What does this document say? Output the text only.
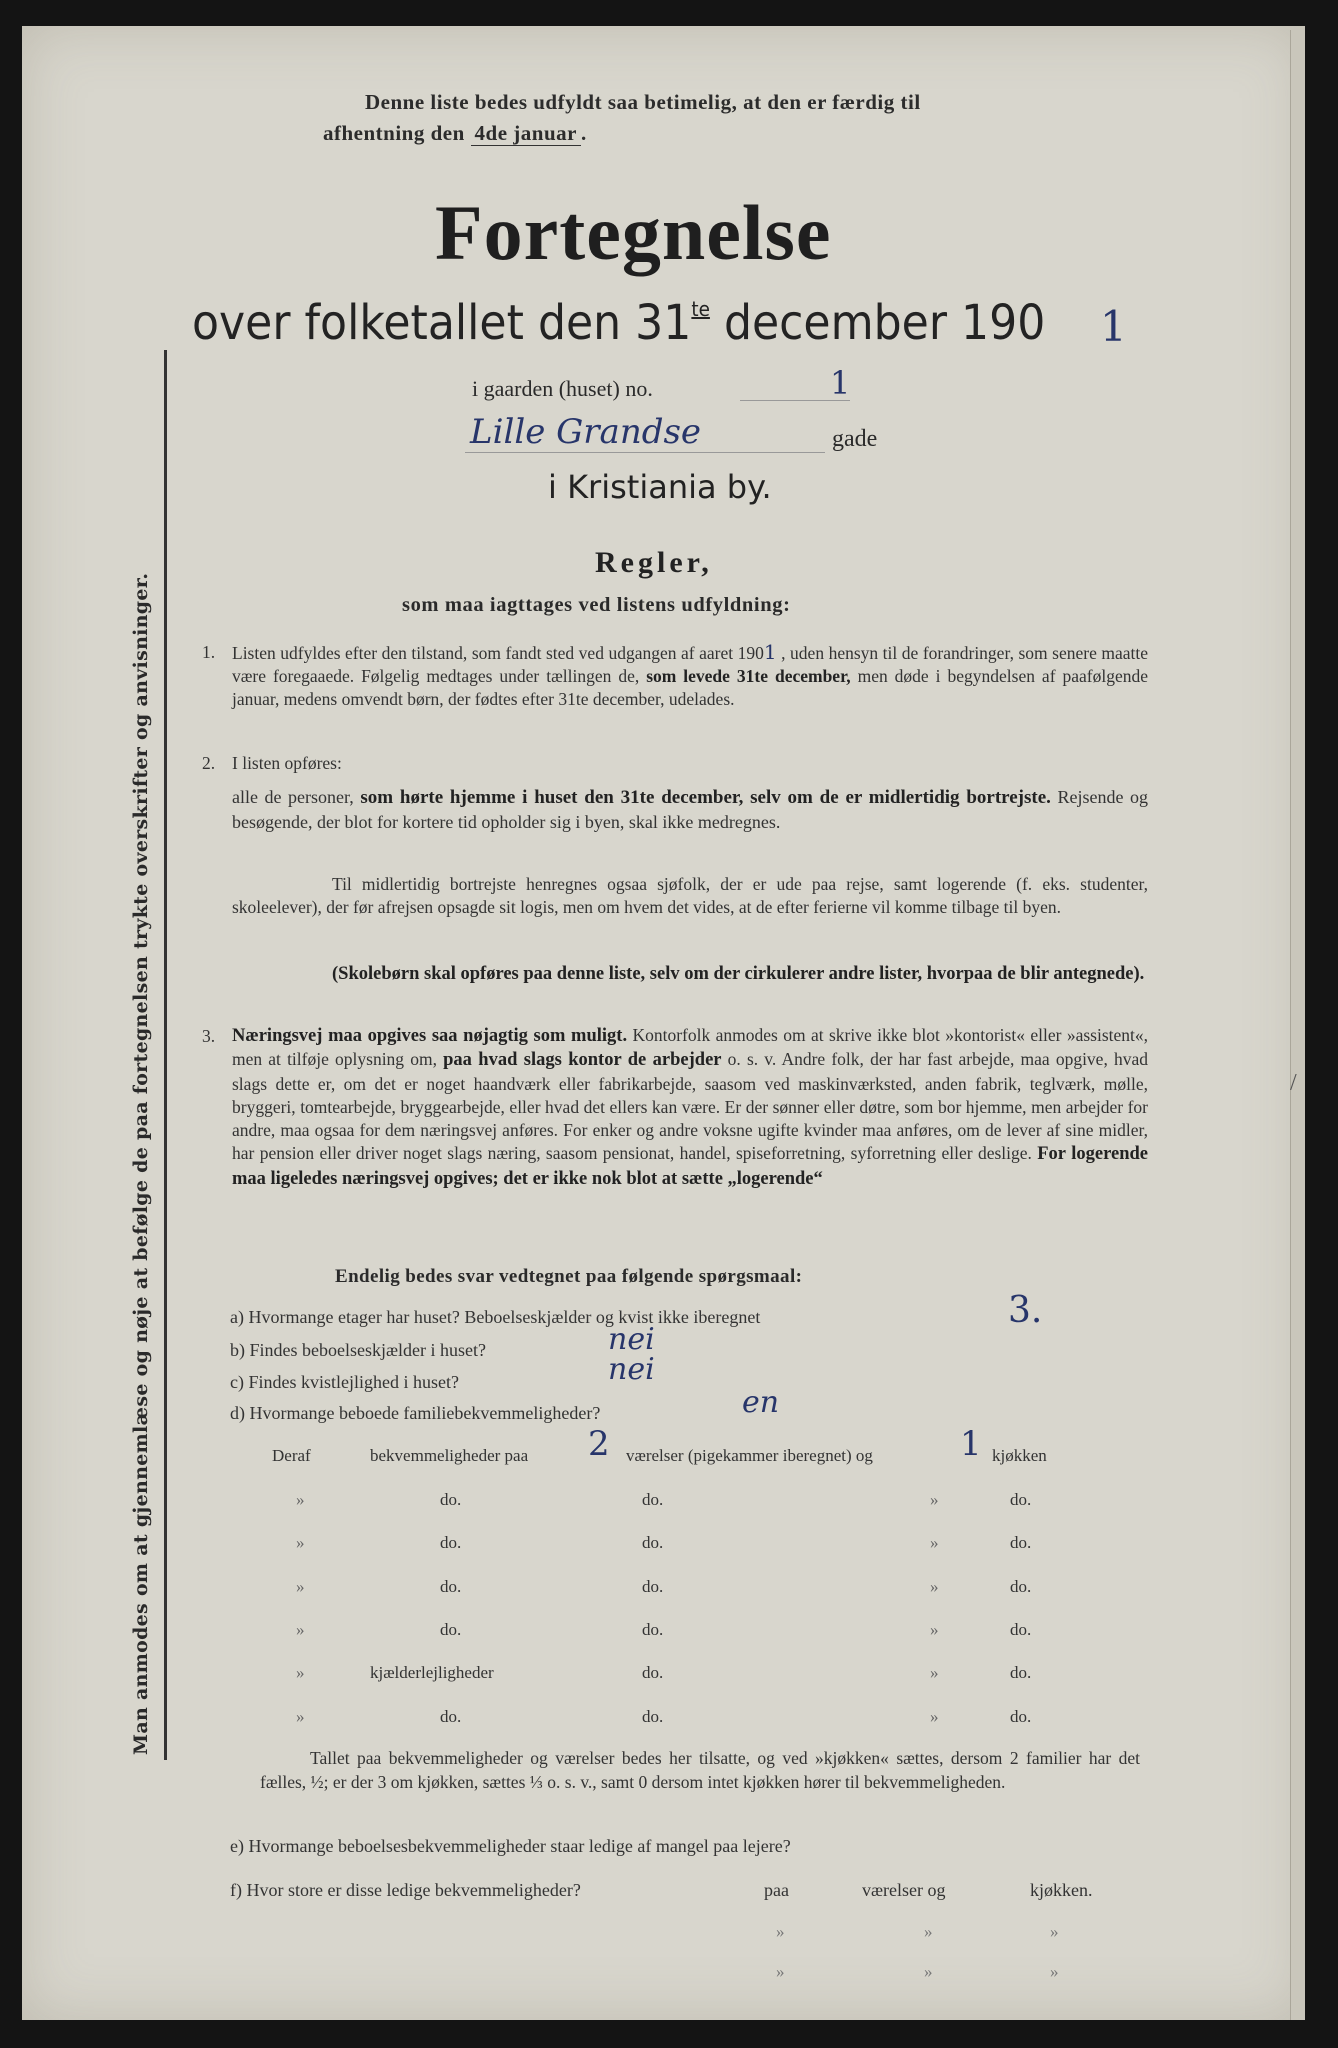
Man anmodes om at gjennemlæse og nøje at befølge de paa fortegnelsen trykte overskrifter og anvisninger.
Denne liste bedes udfyldt saa betimelig, at den er færdig til
afhentning den 4de januar .
Fortegnelse
over folketallet den $31^{te}$ december 190 1
i gaarden (huset) no.	1
Lille Grandse	gade
i Kristiania by.
Regler,
som maa iagttages ved listens udfyldning:
1. Listen udfyldes efter den tilstand, som fandt sted ved udgangen af aaret 1901 , uden hensyn til de forandringer, som senere maatte være foregaaede. Følgelig medtages under tællingen de, som levede 31te december, men døde i begyndelsen af paafølgende januar, medens omvendt børn, der fødtes efter 31te december, udelades.
2. I listen opføres:
alle de personer, som hørte hjemme i huset den 31te december, selv om de er midlertidig bortrejste. Rejsende og besøgende, der blot for kortere tid opholder sig i byen, skal ikke medregnes.
Til midlertidig bortrejste henregnes ogsaa sjøfolk, der er ude paa rejse, samt logerende (f. eks. studenter, skoleelever), der før afrejsen opsagde sit logis, men om hvem det vides, at de efter ferierne vil komme tilbage til byen.
(Skolebørn skal opføres paa denne liste, selv om der cirkulerer andre lister, hvorpaa de blir antegnede).
3. Næringsvej maa opgives saa nøjagtig som muligt. Kontorfolk anmodes om at skrive ikke blot »kontorist« eller »assistent«, men at tilføje oplysning om, paa hvad slags kontor de arbejder o. s. v. Andre folk, der har fast arbejde, maa opgive, hvad slags dette er, om det er noget haandværk eller fabrikarbejde, saasom ved maskinværksted, anden fabrik, teglværk, mølle, bryggeri, tomtearbejde, bryggearbejde, eller hvad det ellers kan være. Er der sønner eller døtre, som bor hjemme, men arbejder for andre, maa ogsaa for dem næringsvej anføres. For enker og andre voksne ugifte kvinder maa anføres, om de lever af sine midler, har pension eller driver noget slags næring, saasom pensionat, handel, spiseforretning, syforretning eller deslige. For logerende maa ligeledes næringsvej opgives; det er ikke nok blot at sætte „logerende“
/
Endelig bedes svar vedtegnet paa følgende spørgsmaal:
a) Hvormange etager har huset? Beboelseskjælder og kvist ikke iberegnet	3.
b) Findes beboelseskjælder i huset?	nei
c) Findes kvistlejlighed i huset?	nei
d) Hvormange beboede familiebekvemmeligheder?	en
Deraf	bekvemmeligheder paa 2 værelser (pigekammer iberegnet) og	1 kjøkken
»	do.	do.	»	do.
»	do.	do.	»	do.
»	do.	do.	»	do.
»	do.	do.	»	do.
»	kjælderlejligheder	do.	»	do.
»	do.	do.	»	do.
Tallet paa bekvemmeligheder og værelser bedes her tilsatte, og ved »kjøkken« sættes, dersom 2 familier har det fælles, ½; er der 3 om kjøkken, sættes ⅓ o. s. v., samt 0 dersom intet kjøkken hører til bekvemmeligheden.
e) Hvormange beboelsesbekvemmeligheder staar ledige af mangel paa lejere?
f) Hvor store er disse ledige bekvemmeligheder?	paa	værelser og	kjøkken.
»	»	»
»	»	»
